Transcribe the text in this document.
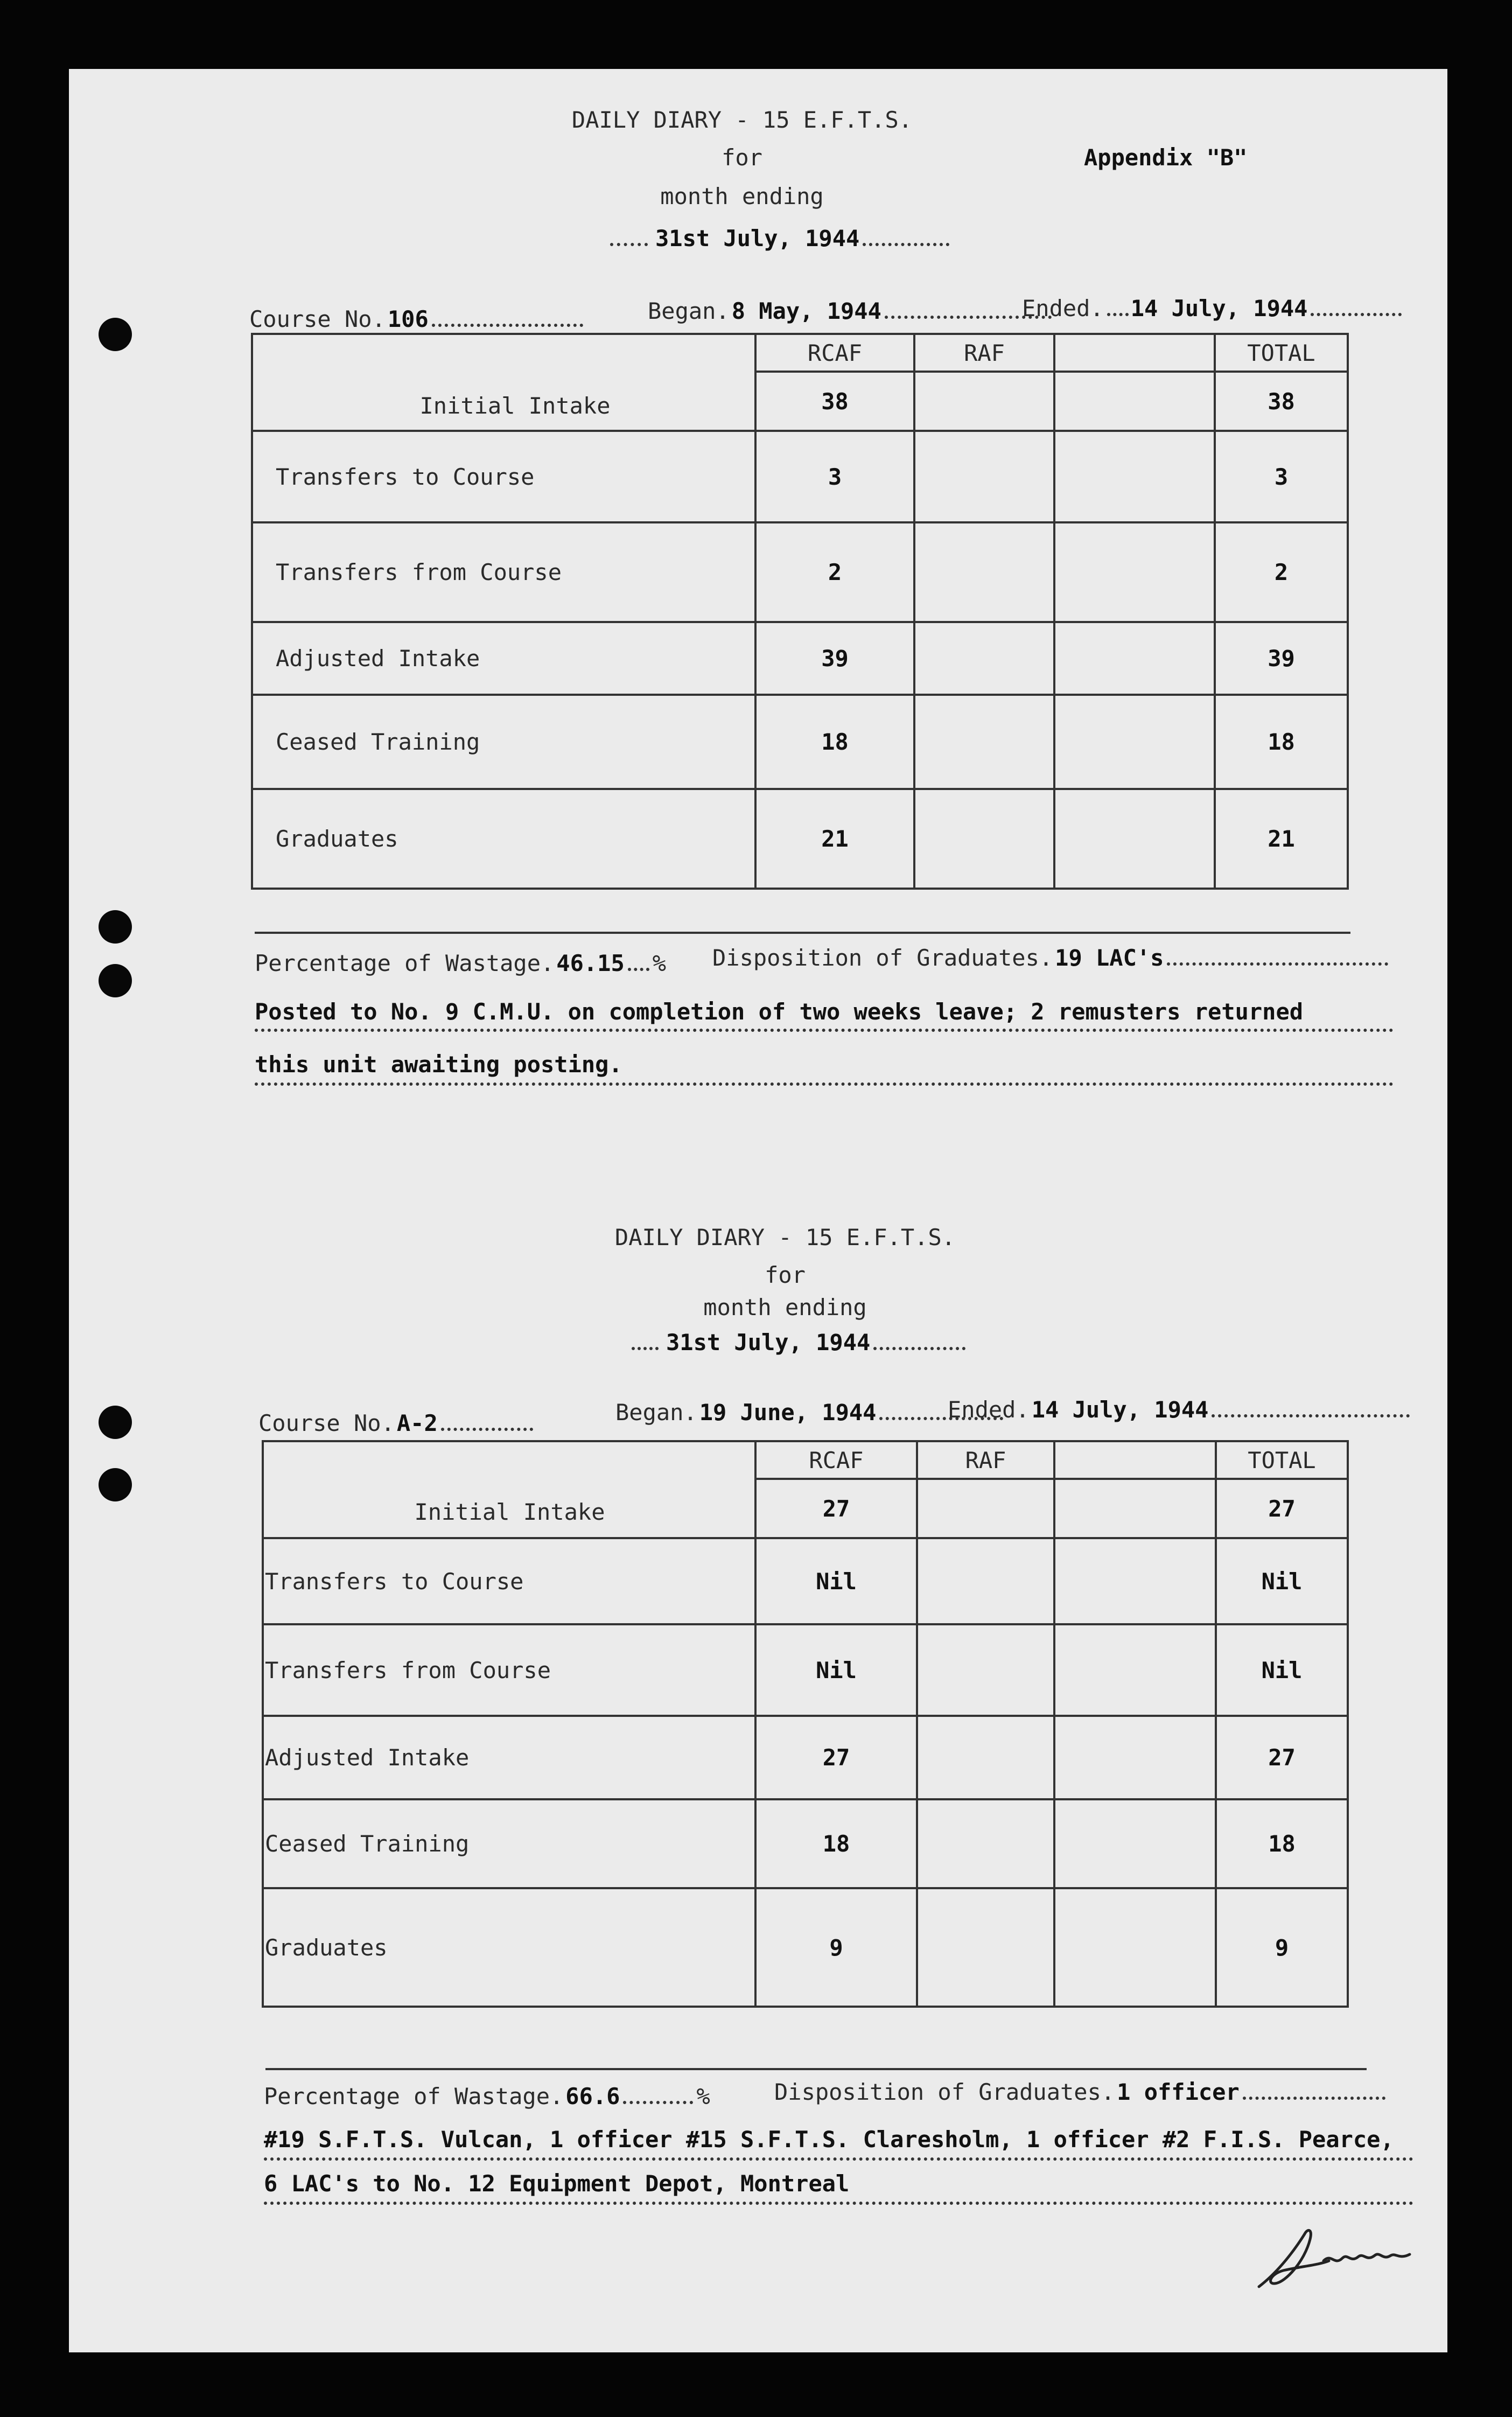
DAILY DIARY - 15 E.F.T.S.
for
month ending
31st July, 1944
Appendix "B"
Course No. 106	Began. 8 May, 1944	Ended. 14 July, 1944
Initial Intake	RCAF	RAF		TOTAL
	38			38
Transfers to Course	3			3
Transfers from Course	2			2
Adjusted Intake	39			39
Ceased Training	18			18
Graduates	21			21
Percentage of Wastage. 46.15 % Disposition of Graduates. 19 LAC's
Posted to No. 9 C.M.U. on completion of two weeks leave; 2 remusters returned
this unit awaiting posting.
DAILY DIARY - 15 E.F.T.S.
for
month ending
31st July, 1944
Course No. A-2	Began. 19 June, 1944	Ended. 14 July, 1944
Initial Intake	RCAF	RAF		TOTAL
	27			27
Transfers to Course	Nil			Nil
Transfers from Course	Nil			Nil
Adjusted Intake	27			27
Ceased Training	18			18
Graduates	9			9
Percentage of Wastage. 66.6	%	Disposition of Graduates. 1 officer
#19 S.F.T.S. Vulcan, 1 officer #15 S.F.T.S. Claresholm, 1 officer #2 F.I.S. Pearce,
6 LAC's to No. 12 Equipment Depot, Montreal
